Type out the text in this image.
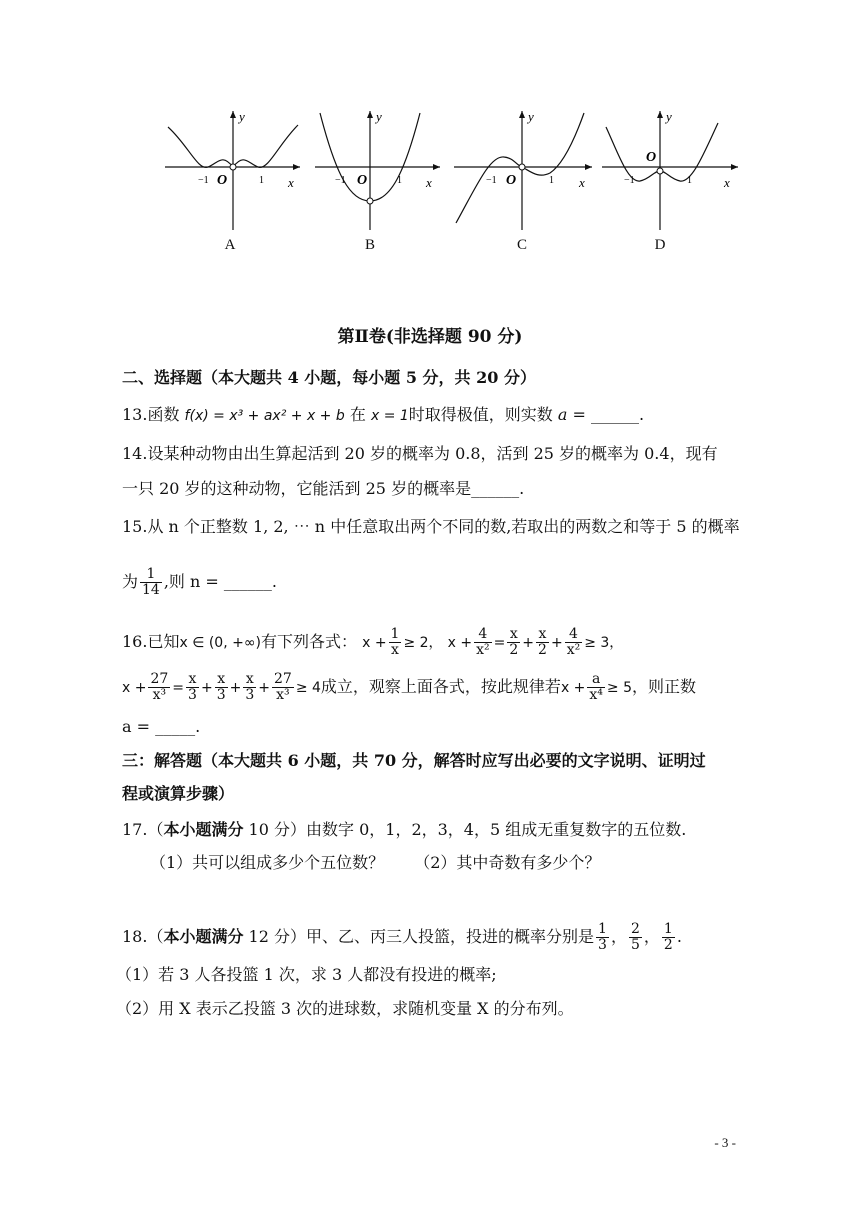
y
x
O
−1	1
A
y
x
O
−1	1
B
y
x
O
−1	1
C
y
x
O
−1	1
D
第Ⅱ卷(非选择题 90 分)
二、选择题（本大题共 4 小题，每小题 5 分，共 20 分）
13.函数 f(x) = x³ + ax² + x + b 在 x = 1时取得极值，则实数 a = ______.
14.设某种动物由出生算起活到 20 岁的概率为 0.8，活到 25 岁的概率为 0.4，现有
一只 20 岁的这种动物，它能活到 25 岁的概率是______.
15.从 n 个正整数 1, 2, ⋯ n 中任意取出两个不同的数,若取出的两数之和等于 5 的概率
为 $\frac{1}{14}$ ,则 n = ______.
16.已知x ∈ (0, +∞)有下列各式： $x + \frac{1}{x} \ge 2$， $x + \frac{4}{\text{x²}} = \frac{x}{2} + \frac{x}{2} + \frac{4}{\text{x²}} \ge 3$，
$x + \frac{27}{\text{x³}} = \frac{x}{3} + \frac{x}{3} + \frac{x}{3} + \frac{27}{\text{x³}} \ge 4$成立，观察上面各式，按此规律若$x + \frac{a}{\text{x⁴}} \ge 5$，则正数
a = _____.
三：解答题（本大题共 6 小题，共 70 分，解答时应写出必要的文字说明、证明过
程或演算步骤）
17.（本小题满分 10 分）由数字 0，1，2，3，4，5 组成无重复数字的五位数.
（1）共可以组成多少个五位数？ （2）其中奇数有多少个？
18.（本小题满分 12 分）甲、乙、丙三人投篮，投进的概率分别是 $\frac{1}{3}$ ， $\frac{2}{5}$ ， $\frac{1}{2}$ .
（1）若 3 人各投篮 1 次，求 3 人都没有投进的概率;
（2）用 X 表示乙投篮 3 次的进球数，求随机变量 X 的分布列。
- 3 -
